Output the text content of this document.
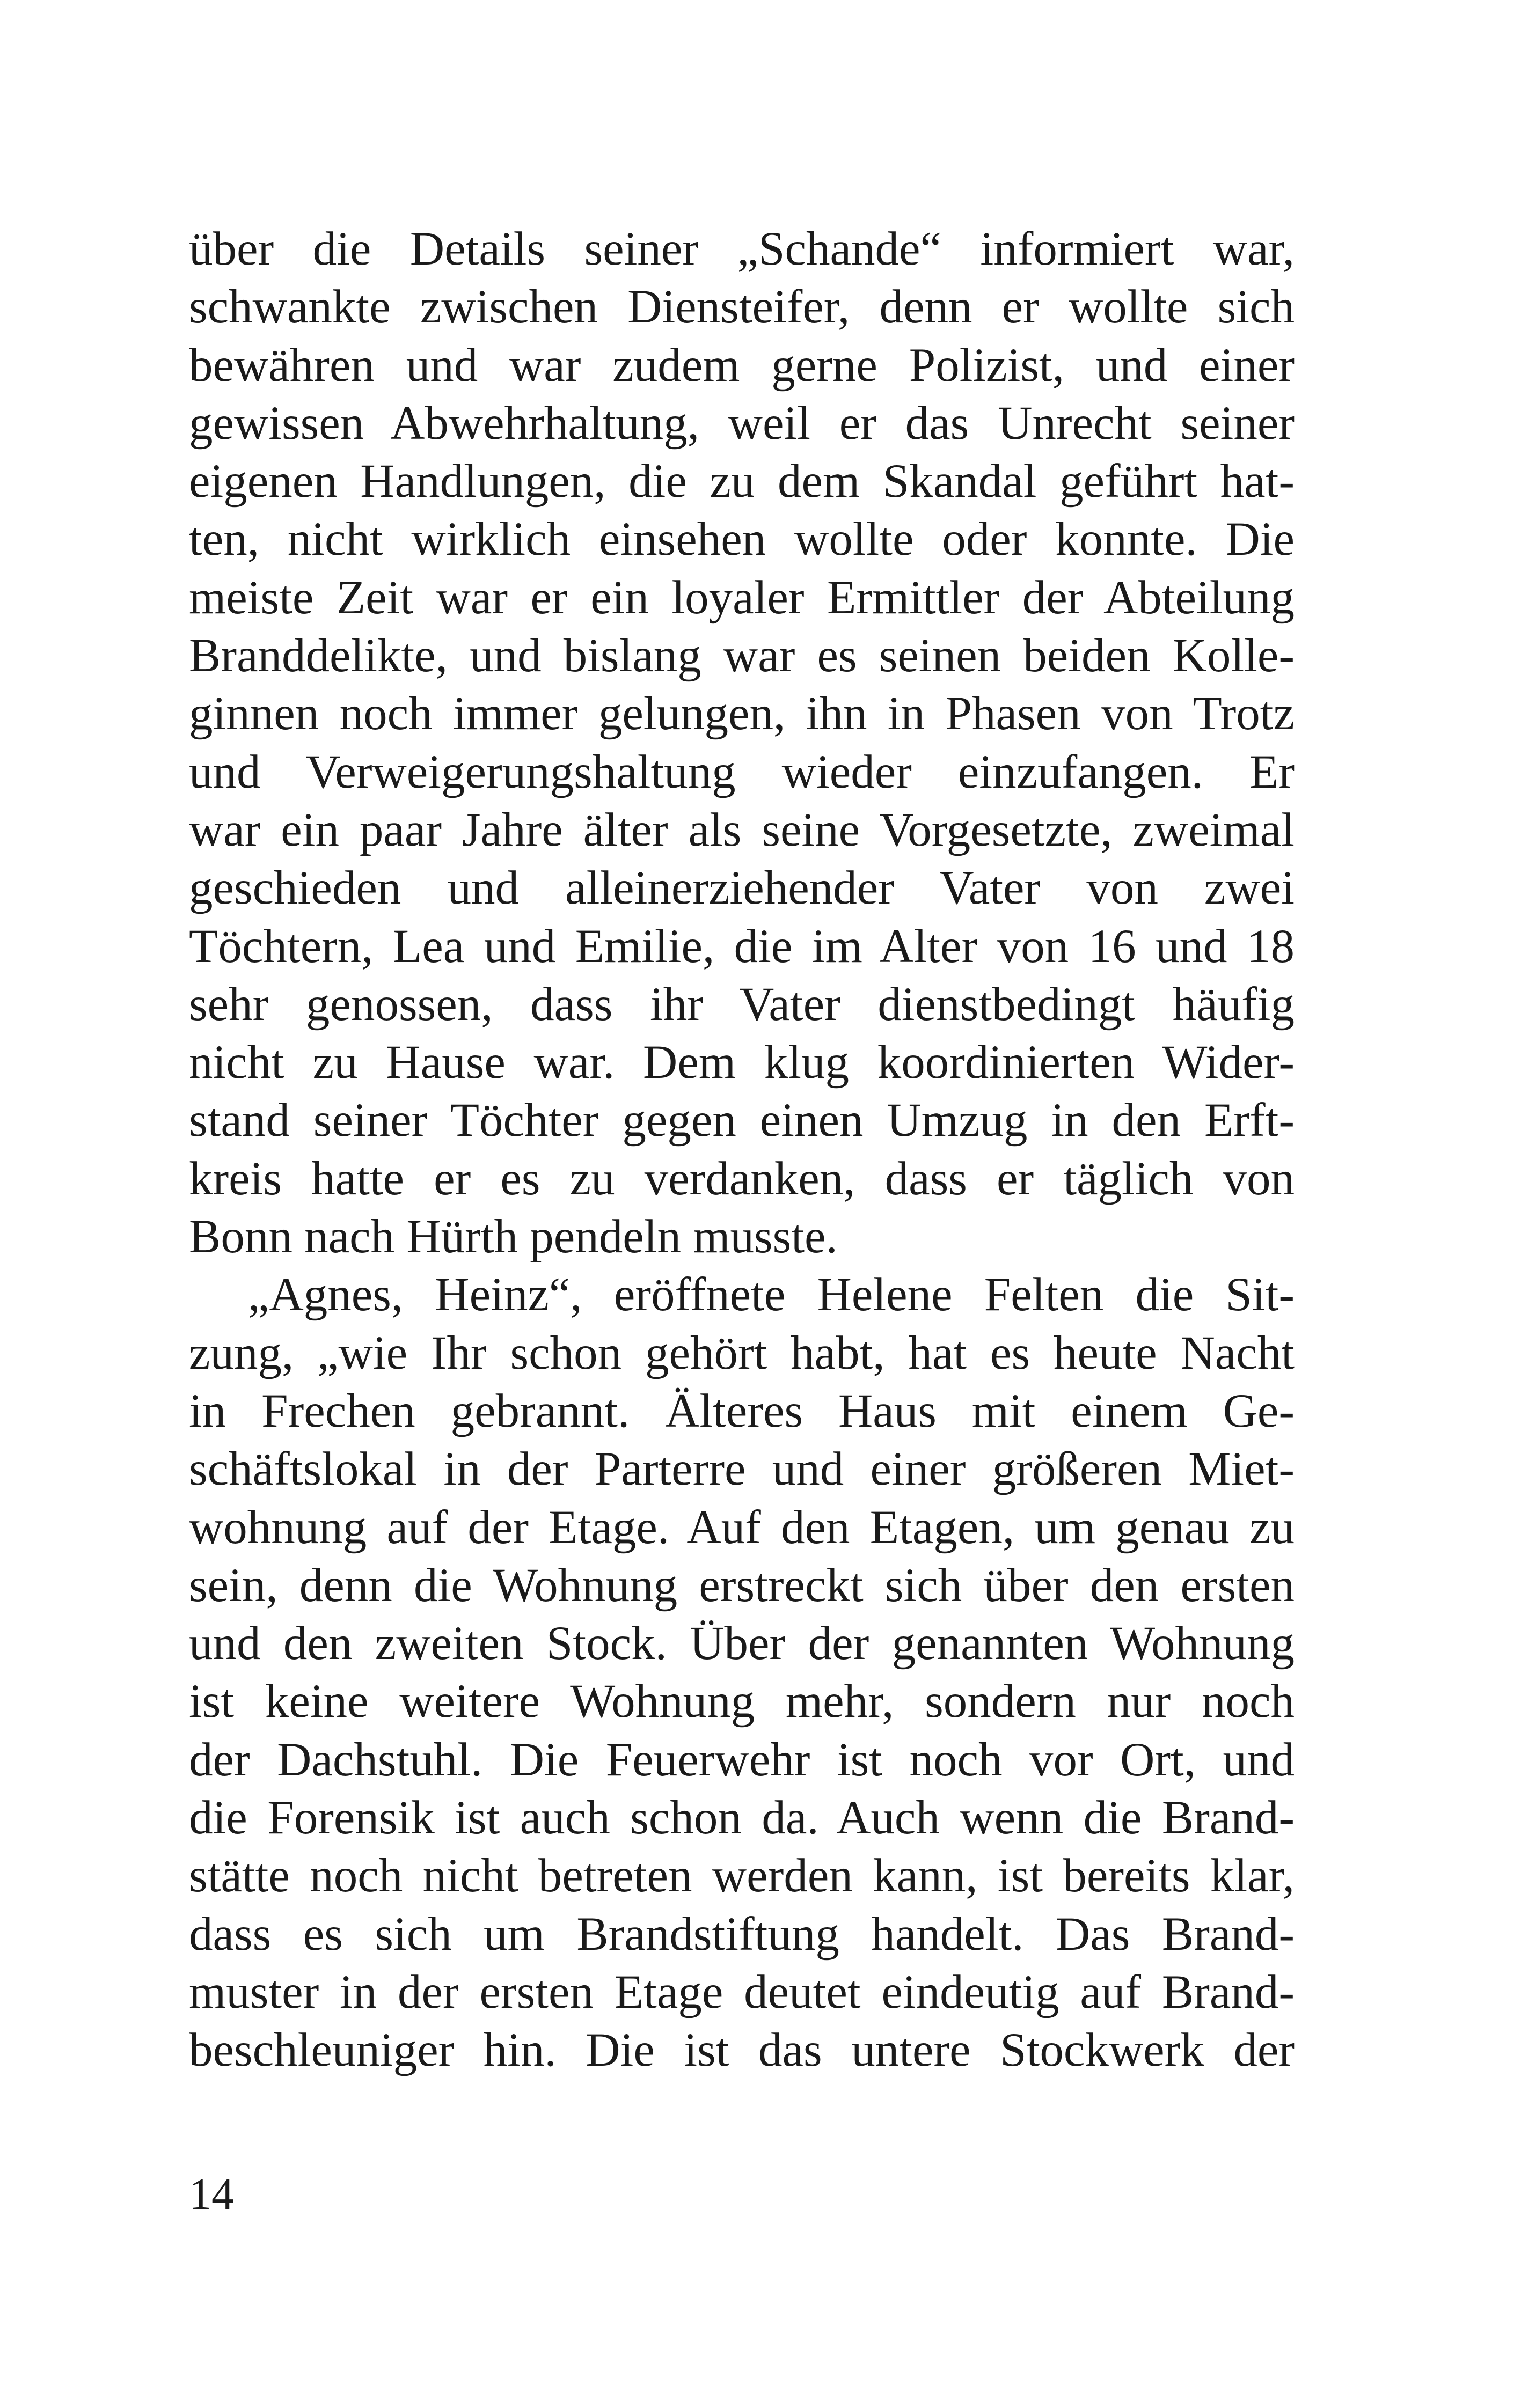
über die Details seiner „Schande“ informiert war,
schwankte zwischen Diensteifer, denn er wollte sich
bewähren und war zudem gerne Polizist, und einer
gewissen Abwehrhaltung, weil er das Unrecht seiner
eigenen Handlungen, die zu dem Skandal geführt hat-
ten, nicht wirklich einsehen wollte oder konnte. Die
meiste Zeit war er ein loyaler Ermittler der Abteilung
Branddelikte, und bislang war es seinen beiden Kolle-
ginnen noch immer gelungen, ihn in Phasen von Trotz
und Verweigerungshaltung wieder einzufangen. Er
war ein paar Jahre älter als seine Vorgesetzte, zweimal
geschieden und alleinerziehender Vater von zwei
Töchtern, Lea und Emilie, die im Alter von 16 und 18
sehr genossen, dass ihr Vater dienstbedingt häufig
nicht zu Hause war. Dem klug koordinierten Wider-
stand seiner Töchter gegen einen Umzug in den Erft-
kreis hatte er es zu verdanken, dass er täglich von
Bonn nach Hürth pendeln musste.
„Agnes, Heinz“, eröffnete Helene Felten die Sit-
zung, „wie Ihr schon gehört habt, hat es heute Nacht
in Frechen gebrannt. Älteres Haus mit einem Ge-
schäftslokal in der Parterre und einer größeren Miet-
wohnung auf der Etage. Auf den Etagen, um genau zu
sein, denn die Wohnung erstreckt sich über den ersten
und den zweiten Stock. Über der genannten Wohnung
ist keine weitere Wohnung mehr, sondern nur noch
der Dachstuhl. Die Feuerwehr ist noch vor Ort, und
die Forensik ist auch schon da. Auch wenn die Brand-
stätte noch nicht betreten werden kann, ist bereits klar,
dass es sich um Brandstiftung handelt. Das Brand-
muster in der ersten Etage deutet eindeutig auf Brand-
beschleuniger hin. Die ist das untere Stockwerk der
14
